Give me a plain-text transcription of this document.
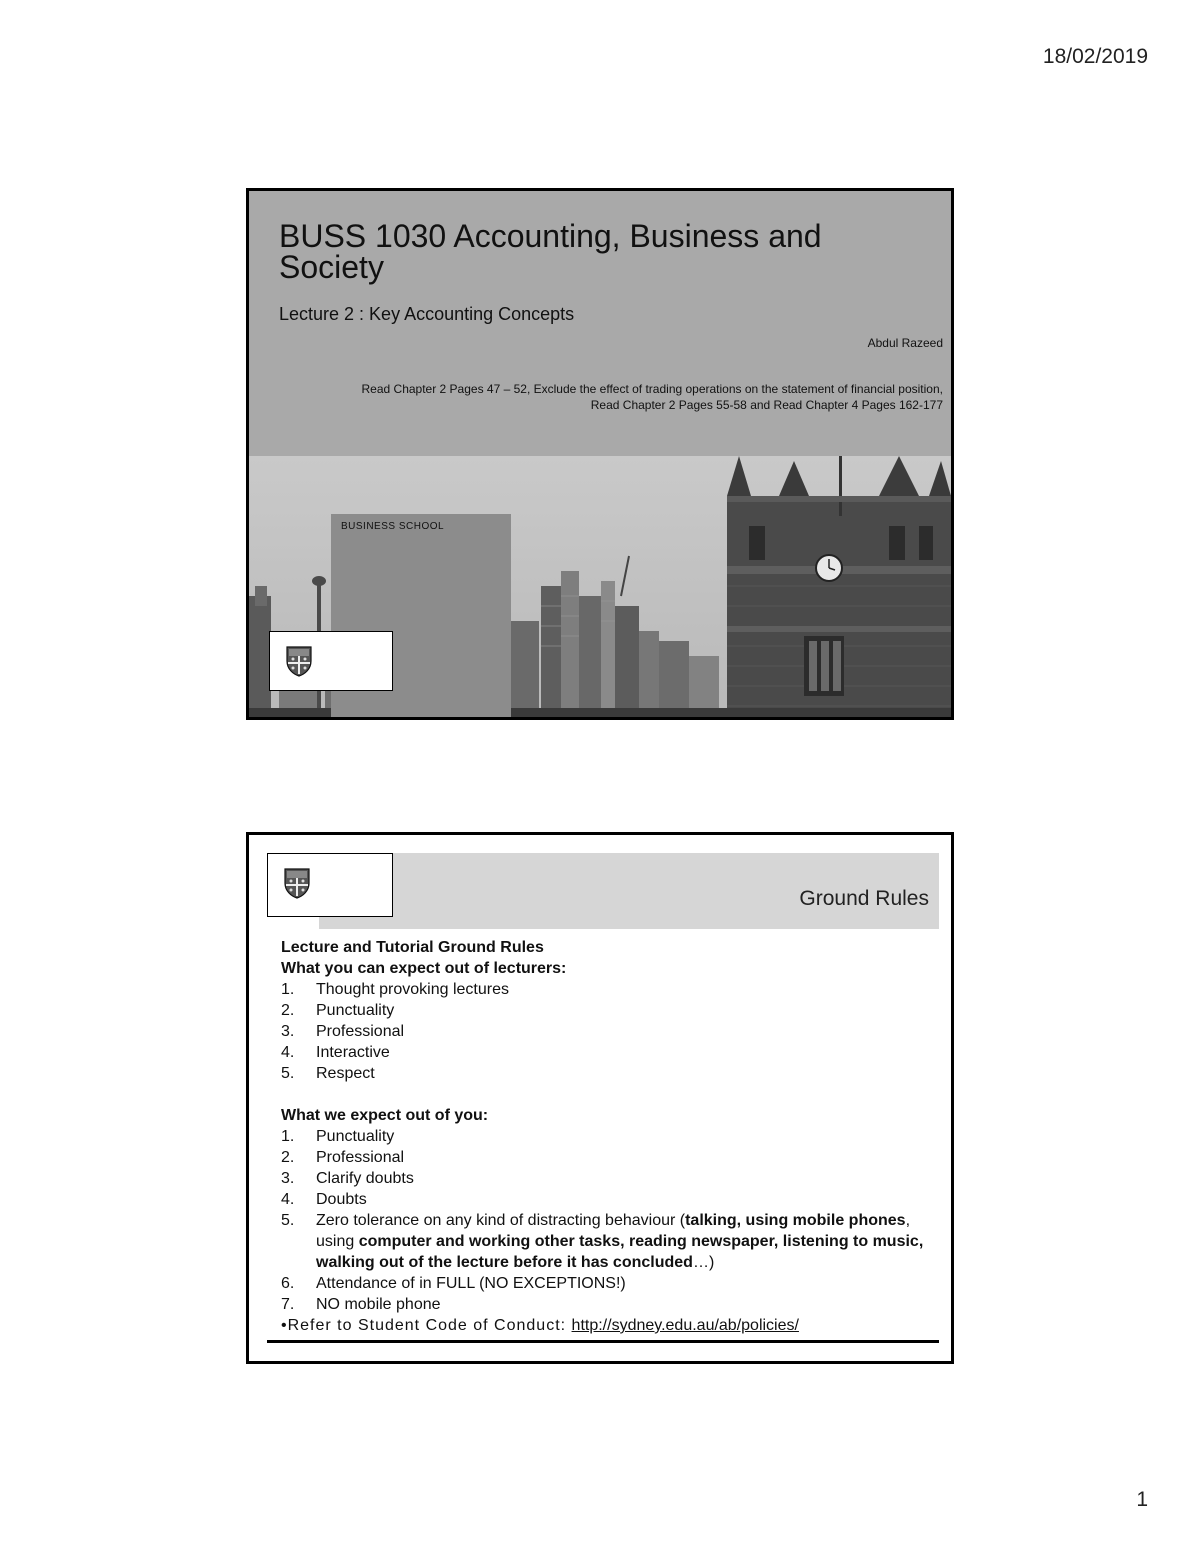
18/02/2019
BUSS 1030 Accounting, Business and Society
Lecture 2 : Key Accounting Concepts
Abdul Razeed
Read Chapter 2 Pages 47 – 52, Exclude the effect of trading operations on the statement of financial position,
Read Chapter 2 Pages 55-58 and Read Chapter 4 Pages 162-177
BUSINESS SCHOOL
Ground Rules
Lecture and Tutorial Ground Rules
What you can expect out of lecturers:
1. Thought provoking lectures
2. Punctuality
3. Professional
4. Interactive
5. Respect
What we expect out of you:
1. Punctuality
2. Professional
3. Clarify doubts
4. Doubts
5. Zero tolerance on any kind of distracting behaviour (talking, using mobile phones, using computer and working other tasks, reading newspaper, listening to music, walking out of the lecture before it has concluded…)
6. Attendance of in FULL (NO EXCEPTIONS!)
7. NO mobile phone
•Refer to Student Code of Conduct: http://sydney.edu.au/ab/policies/
1
